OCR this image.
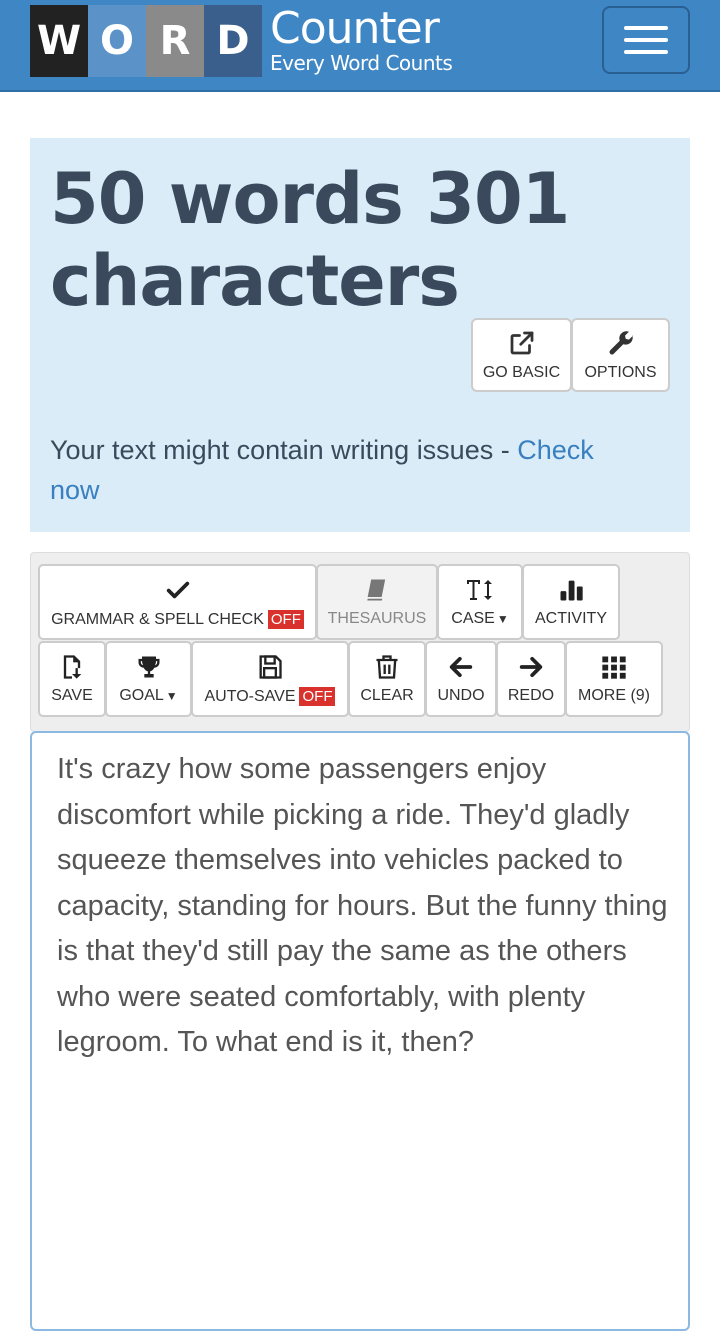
W O R D Counter
Every Word Counts
50 words 301
characters
GO BASIC OPTIONS
Your text might contain writing issues - Check now
GRAMMAR & SPELL CHECK OFF THESAURUS CASE ▼ ACTIVITY
SAVE GOAL ▼ AUTO-SAVE OFF CLEAR UNDO REDO MORE (9)
It's crazy how some passengers enjoy discomfort while picking a ride. They'd gladly squeeze themselves into vehicles packed to capacity, standing for hours. But the funny thing is that they'd still pay the same as the others who were seated comfortably, with plenty legroom. To what end is it, then?
